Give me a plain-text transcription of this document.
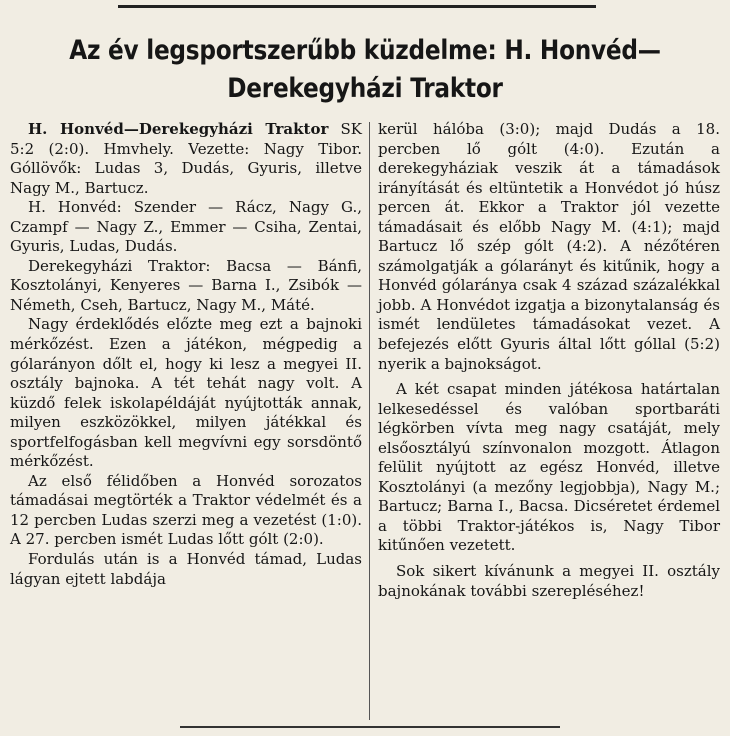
Az év legsportszerűbb küzdelme: H. Honvéd—
Derekegyházi Traktor

H. Honvéd—Derekegyházi Traktor SK 5:2 (2:0). Hmvhely. Vezette: Nagy Tibor. Góllövők: Ludas 3, Dudás, Gyuris, illetve Nagy M., Bartucz.

H. Honvéd: Szender — Rácz, Nagy G., Czampf — Nagy Z., Emmer — Csiha, Zentai, Gyuris, Ludas, Dudás.

Derekegyházi Traktor: Bacsa — Bánfi, Kosztolányi, Kenyeres — Barna I., Zsibók — Németh, Cseh, Bartucz, Nagy M., Máté.

Nagy érdeklődés előzte meg ezt a bajnoki mérkőzést. Ezen a játékon, mégpedig a gólarányon dőlt el, hogy ki lesz a megyei II. osztály bajnoka. A tét tehát nagy volt. A küzdő felek iskolapéldáját nyújtották annak, milyen eszközökkel, milyen játékkal és sportfelfogásban kell megvívni egy sorsdöntő mérkőzést.

Az első félidőben a Honvéd sorozatos támadásai megtörték a Traktor védelmét és a 12 percben Ludas szerzi meg a vezetést (1:0). A 27. percben ismét Ludas lőtt gólt (2:0).

Fordulás után is a Honvéd támad, Ludas lágyan ejtett labdája

kerül hálóba (3:0); majd Dudás a 18. percben lő gólt (4:0). Ezután a derekegyháziak veszik át a támadások irányítását és eltüntetik a Honvédot jó húsz percen át. Ekkor a Traktor jól vezette támadásait és előbb Nagy M. (4:1); majd Bartucz lő szép gólt (4:2). A nézőtéren számolgatják a gólarányt és kitűnik, hogy a Honvéd gólaránya csak 4 század százalékkal jobb. A Honvédot izgatja a bizonytalanság és ismét lendületes támadásokat vezet. A befejezés előtt Gyuris által lőtt góllal (5:2) nyerik a bajnokságot.

A két csapat minden játékosa határtalan lelkesedéssel és valóban sportbaráti légkörben vívta meg nagy csatáját, mely elsőosztályú színvonalon mozgott. Átlagon felülit nyújtott az egész Honvéd, illetve Kosztolányi (a mezőny legjobbja), Nagy M.; Bartucz; Barna I., Bacsa. Dicséretet érdemel a többi Traktor-játékos is, Nagy Tibor kitűnően vezetett.

Sok sikert kívánunk a megyei II. osztály bajnokának további szerepléséhez!
